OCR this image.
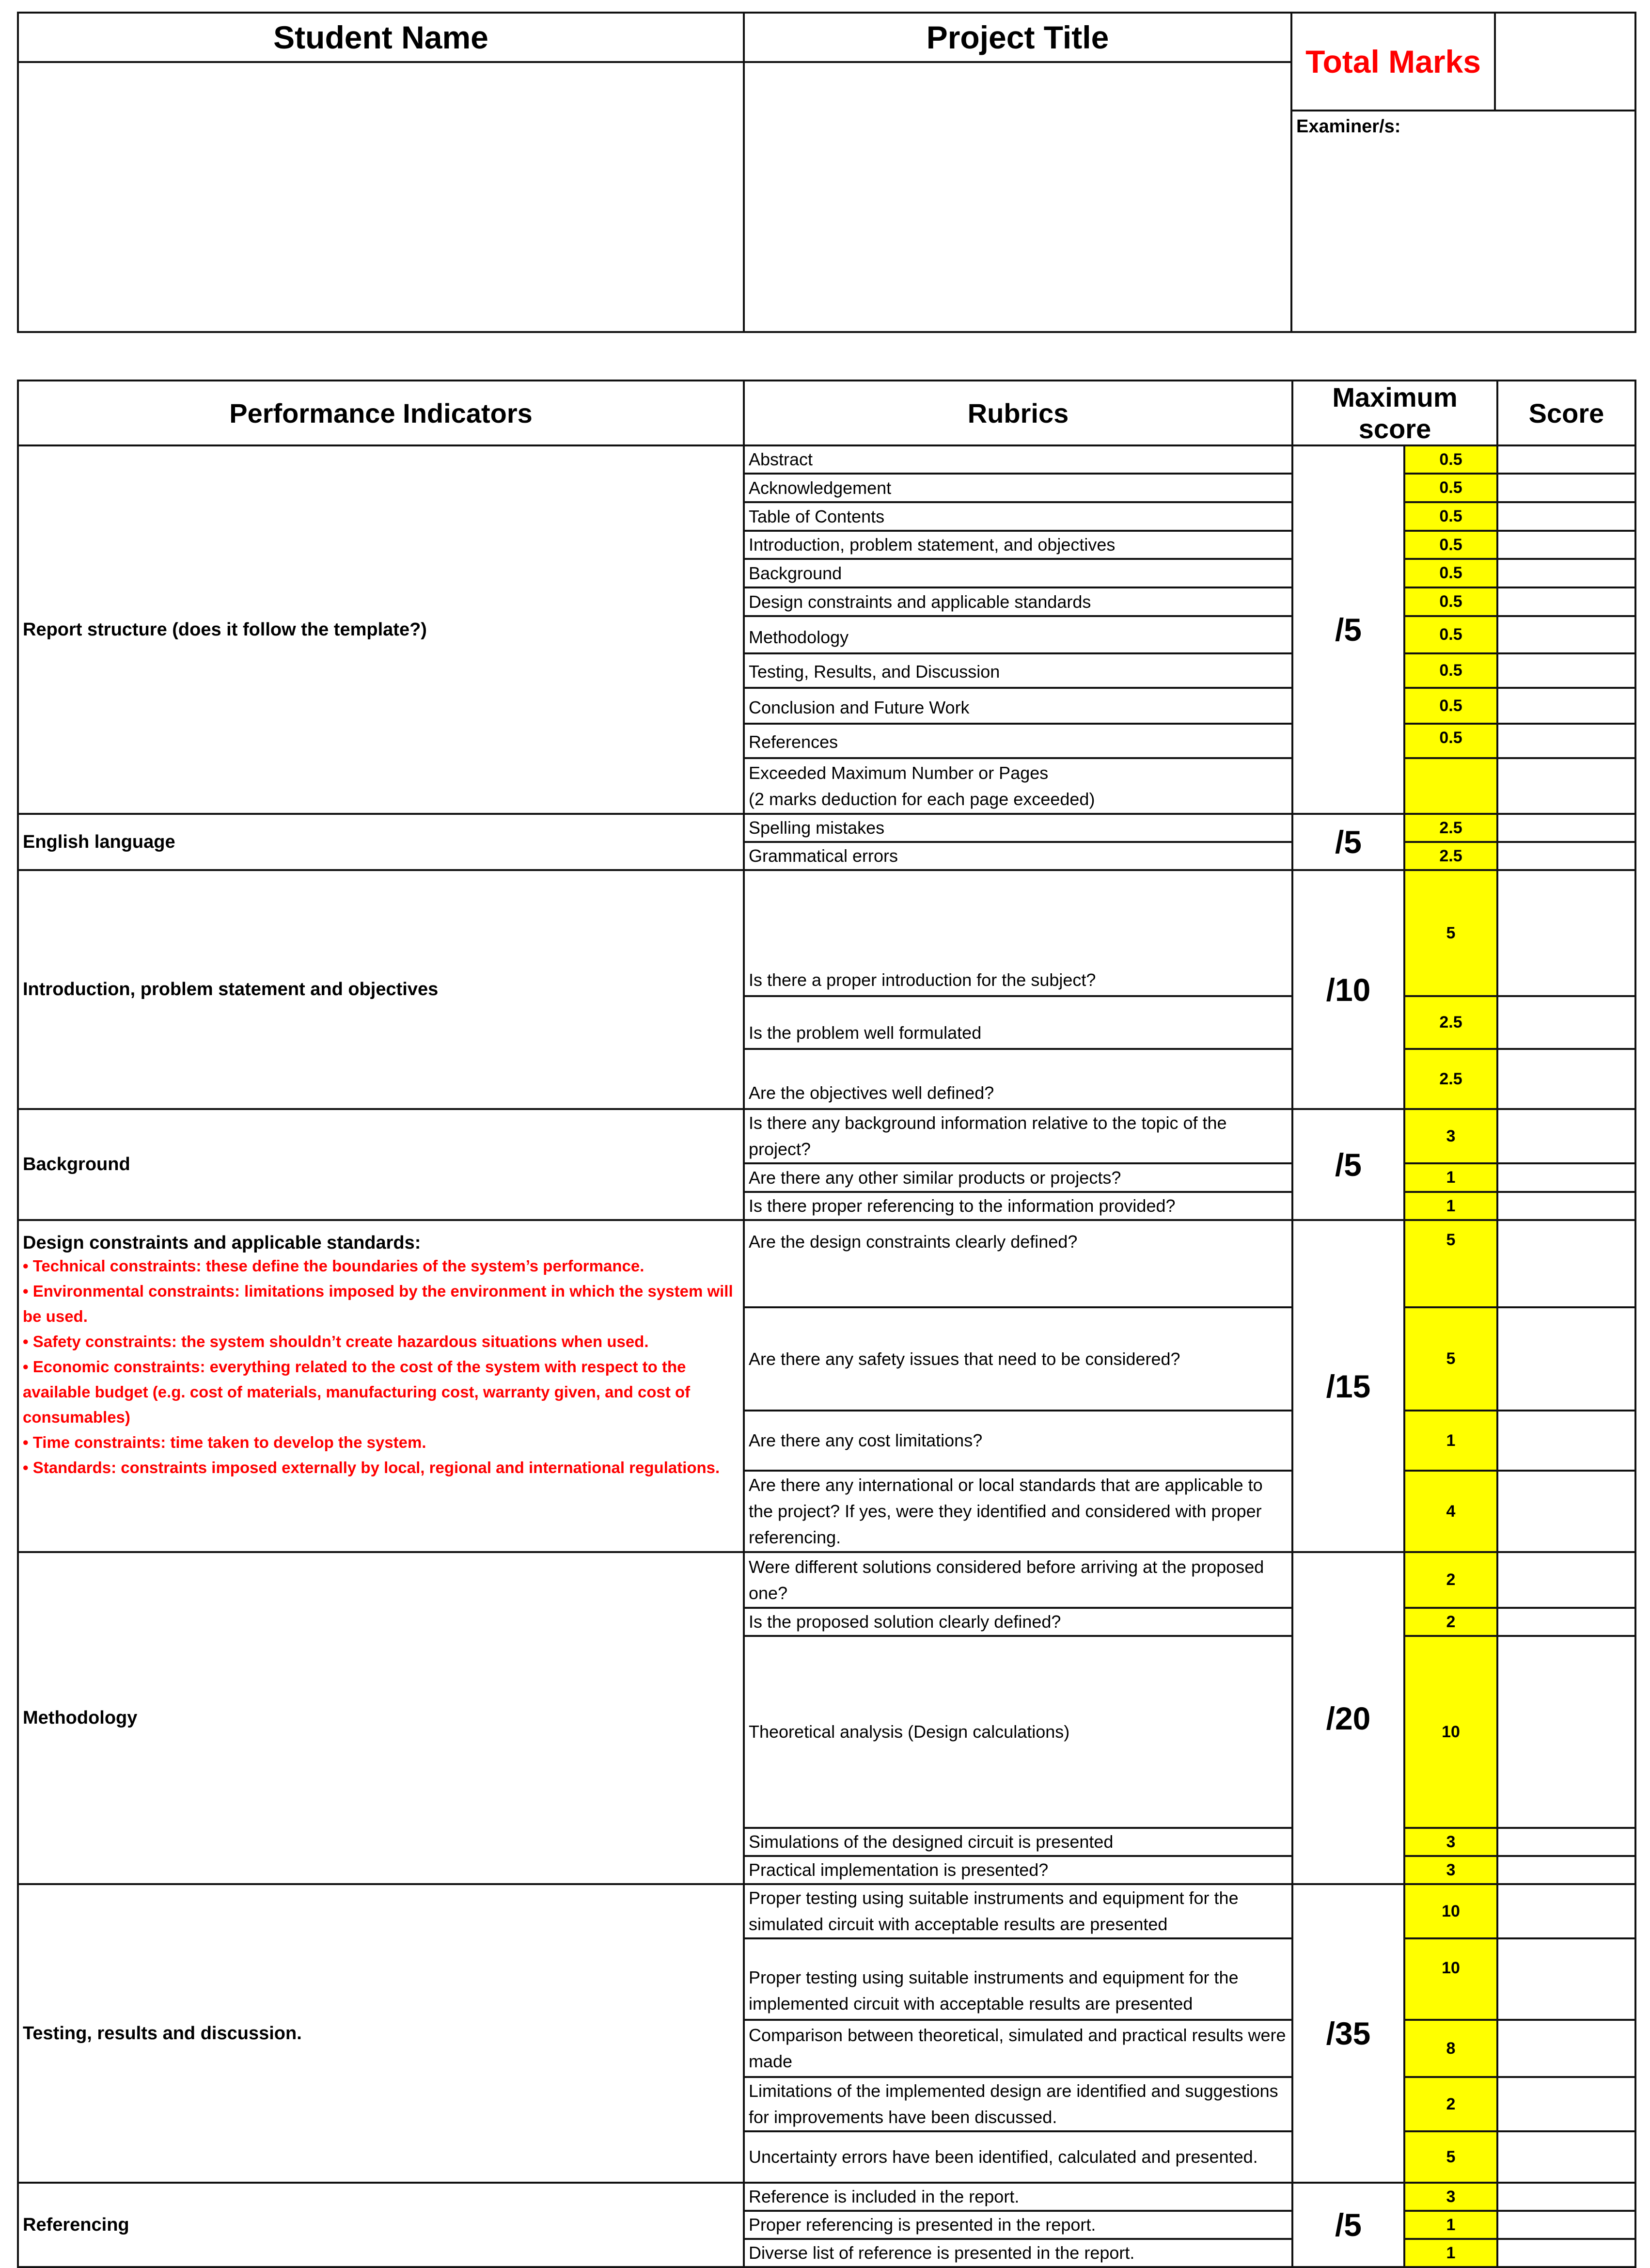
Student Name	Project Title	Total Marks	

		Examiner/s:	
Performance Indicators	Rubrics	Maximum score		Score
Report structure (does it follow the template?)	Abstract	/5	0.5	
	Acknowledgement		0.5	
	Table of Contents		0.5	
	Introduction, problem statement, and objectives		0.5	
	Background		0.5	
	Design constraints and applicable standards		0.5	
	Methodology		0.5	
	Testing, Results, and Discussion		0.5	
	Conclusion and Future Work		0.5	
	References		0.5	
	Exceeded Maximum Number or Pages
(2 marks deduction for each page exceeded)			
English language	Spelling mistakes	/5	2.5	
	Grammatical errors		2.5	
Introduction, problem statement and objectives	Is there a proper introduction for the subject?	/10	5	
	Is the problem well formulated		2.5	
	Are the objectives well defined?		2.5	
Background	Is there any background information relative to the topic of the project?	/5	3	
	Are there any other similar products or projects?		1	
	Is there proper referencing to the information provided?		1	
Design constraints and applicable standards:
• Technical constraints: these define the boundaries of the system’s performance.
• Environmental constraints: limitations imposed by the environment in which the system will be used.
• Safety constraints: the system shouldn’t create hazardous situations when used.
• Economic constraints: everything related to the cost of the system with respect to the available budget (e.g. cost of materials, manufacturing cost, warranty given, and cost of consumables)
• Time constraints: time taken to develop the system.
• Standards: constraints imposed externally by local, regional and international regulations.
	Are the design constraints clearly defined?	/15	5	
	Are there any safety issues that need to be considered?		5	
	Are there any cost limitations?		1	
	Are there any international or local standards that are applicable to the project? If yes, were they identified and considered with proper referencing.		4	
Methodology	Were different solutions considered before arriving at the proposed one?	/20	2	
	Is the proposed solution clearly defined?		2	
	Theoretical analysis (Design calculations)		10	
	Simulations of the designed circuit is presented		3	
	Practical implementation is presented?		3	
Testing, results and discussion.	Proper testing using suitable instruments and equipment for the simulated circuit with acceptable results are presented	/35	10	
	Proper testing using suitable instruments and equipment for the implemented circuit with acceptable results are presented		10	
	Comparison between theoretical, simulated and practical results were made		8	
	Limitations of the implemented design are identified and suggestions for improvements have been discussed.		2	
	Uncertainty errors have been identified, calculated and presented.		5	
Referencing	Reference is included in the report.	/5	3	
	Proper referencing is presented in the report.		1	
	Diverse list of reference is presented in the report.		1	
